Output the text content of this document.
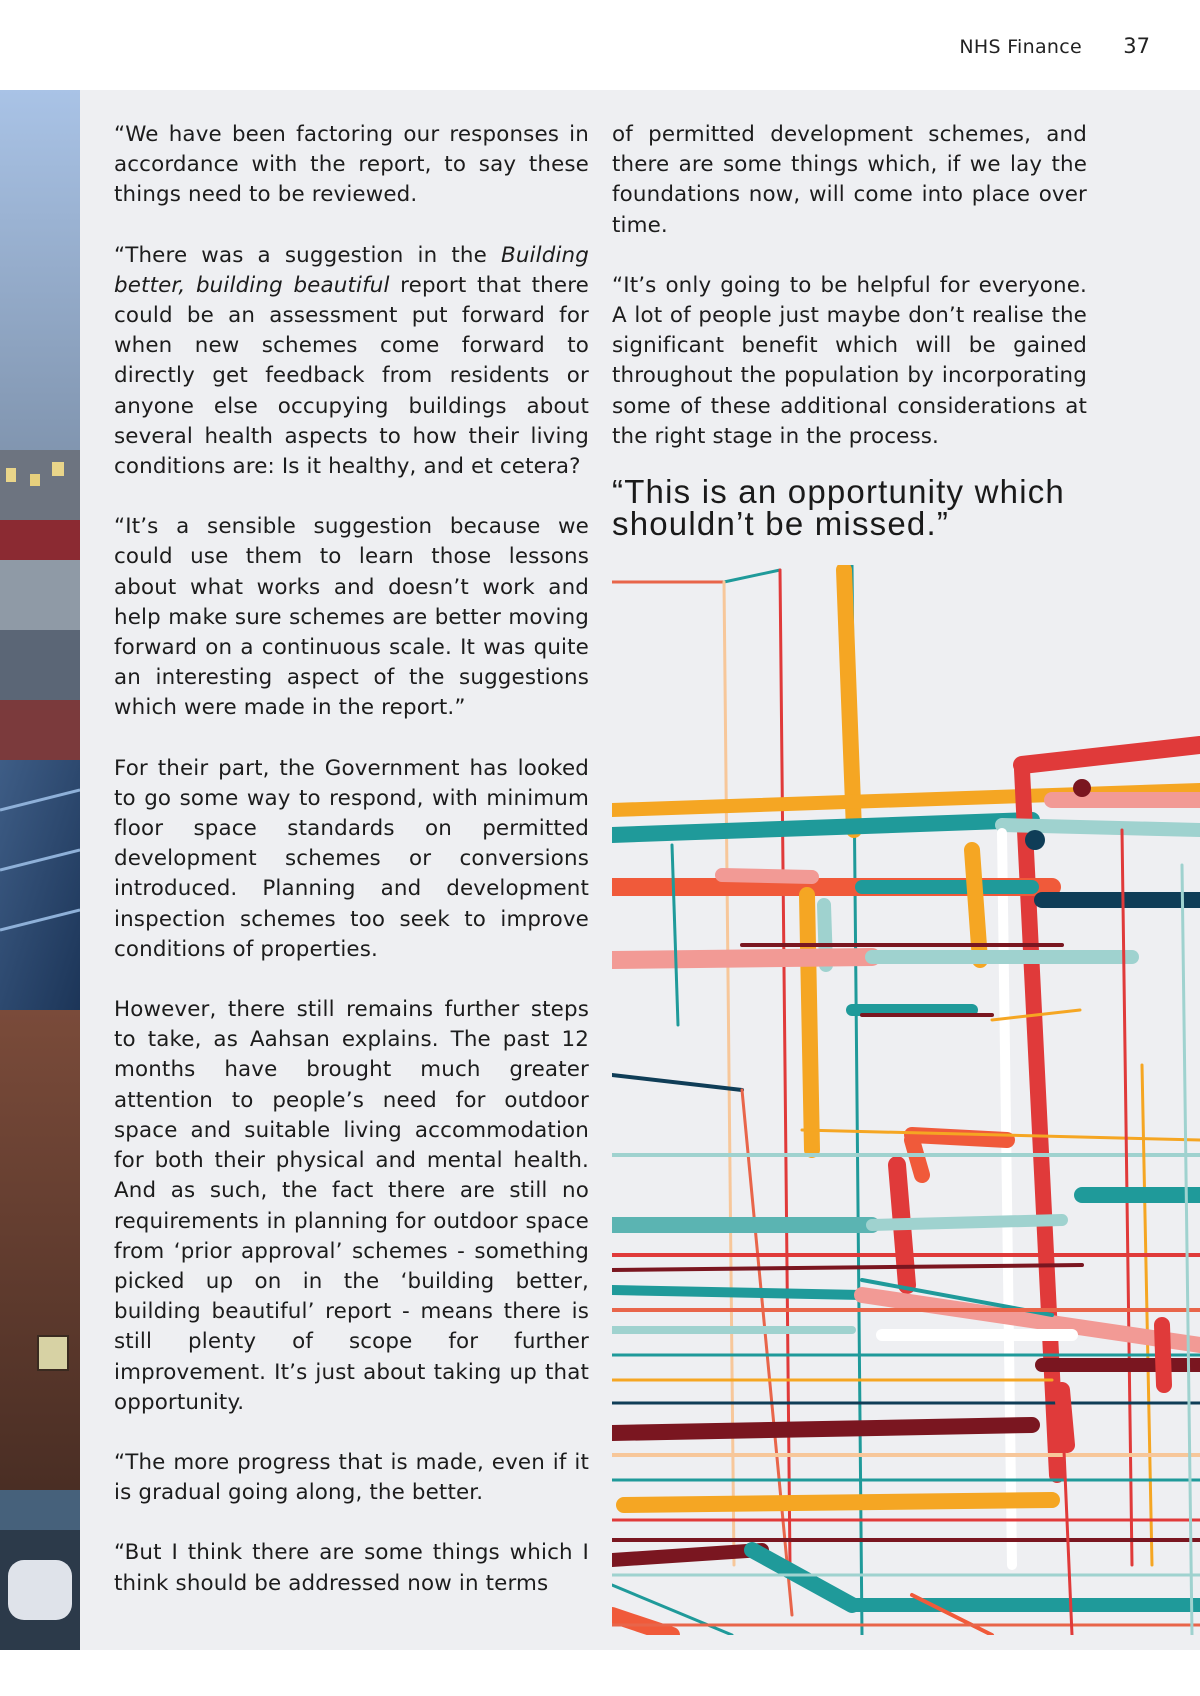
NHS Finance 37

“We have been factoring our responses in accordance with the report, to say these things need to be reviewed.

“There was a suggestion in the Building better, building beautiful report that there could be an assessment put forward for when new schemes come forward to directly get feedback from residents or anyone else occupying buildings about several health aspects to how their living conditions are: Is it healthy, and et cetera?

“It’s a sensible suggestion because we could use them to learn those lessons about what works and doesn’t work and help make sure schemes are better moving forward on a continuous scale. It was quite an interesting aspect of the suggestions which were made in the report.”

For their part, the Government has looked to go some way to respond, with minimum floor space standards on permitted development schemes or conversions introduced. Planning and development inspection schemes too seek to improve conditions of properties.

However, there still remains further steps to take, as Aahsan explains. The past 12 months have brought much greater attention to people’s need for outdoor space and suitable living accommodation for both their physical and mental health. And as such, the fact there are still no requirements in planning for outdoor space from ‘prior approval’ schemes - something picked up on in the ‘building better, building beautiful’ report - means there is still plenty of scope for further improvement. It’s just about taking up that opportunity.

“The more progress that is made, even if it is gradual going along, the better.

“But I think there are some things which I think should be addressed now in terms

of permitted development schemes, and there are some things which, if we lay the foundations now, will come into place over time.

“It’s only going to be helpful for everyone. A lot of people just maybe don’t realise the significant benefit which will be gained throughout the population by incorporating some of these additional considerations at the right stage in the process.

“This is an opportunity which shouldn’t be missed.”
